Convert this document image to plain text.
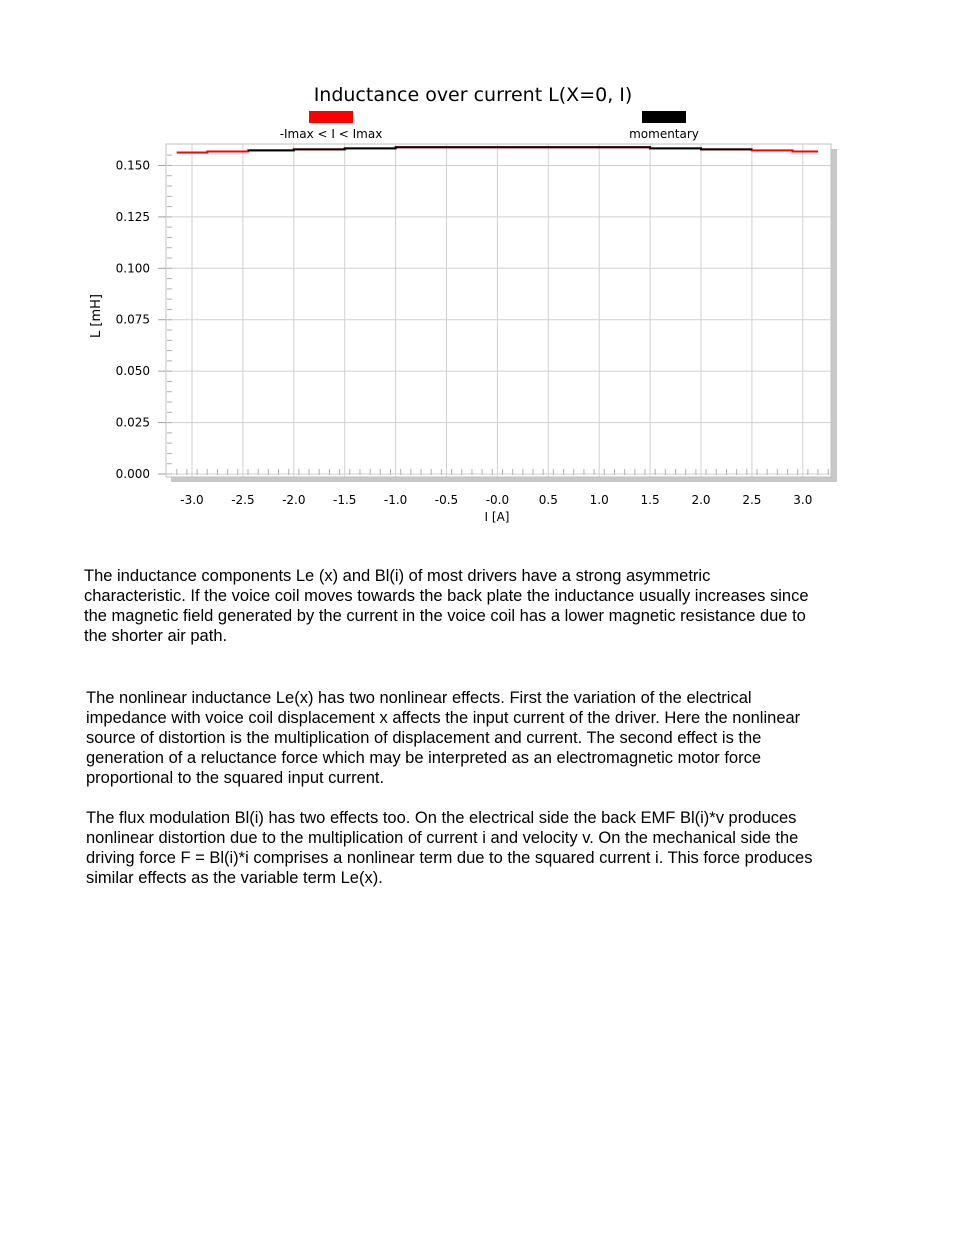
Inductance over current L(X=0, I)
-Imax < I < Imax	momentary
0.000
0.025
0.050
0.075
0.100
0.125
0.150
-3.0 -2.5 -2.0 -1.5 -1.0 -0.5 -0.0 0.5	1.0	1.5	2.0	2.5	3.0
I [A]
L [mH]

The inductance components Le (x) and Bl(i) of most drivers have a strong asymmetric
characteristic. If the voice coil moves towards the back plate the inductance usually increases since
the magnetic field generated by the current in the voice coil has a lower magnetic resistance due to
the shorter air path.

The nonlinear inductance Le(x) has two nonlinear effects. First the variation of the electrical
impedance with voice coil displacement x affects the input current of the driver. Here the nonlinear
source of distortion is the multiplication of displacement and current. The second effect is the
generation of a reluctance force which may be interpreted as an electromagnetic motor force
proportional to the squared input current.

The flux modulation Bl(i) has two effects too. On the electrical side the back EMF Bl(i)*v produces
nonlinear distortion due to the multiplication of current i and velocity v. On the mechanical side the
driving force F = Bl(i)*i comprises a nonlinear term due to the squared current i. This force produces
similar effects as the variable term Le(x).
